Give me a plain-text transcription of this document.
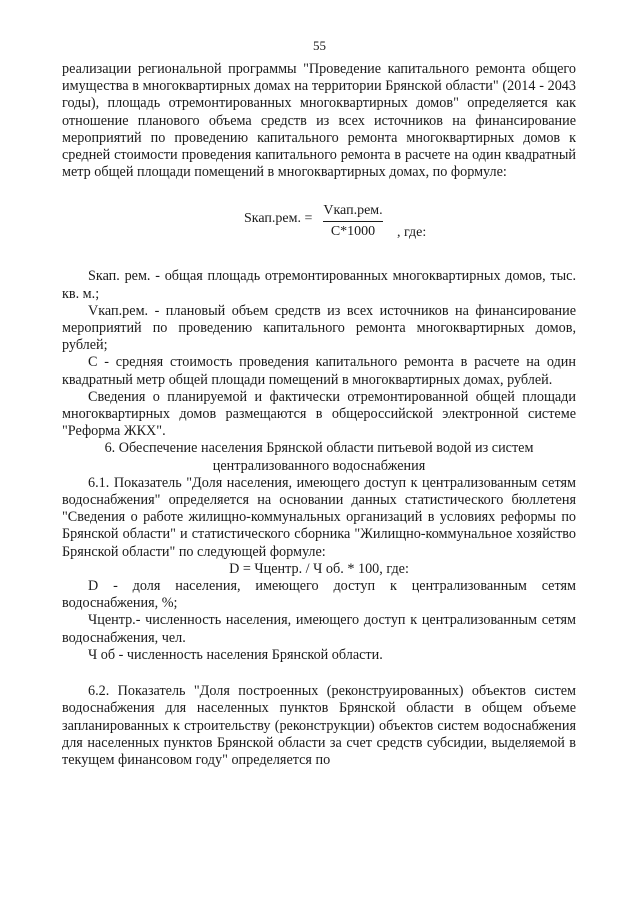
55

реализации региональной программы "Проведение капитального ремонта общего имущества в многоквартирных домах на территории Брянской области" (2014 - 2043 годы), площадь отремонтированных многоквартирных домов" определяется как отношение планового объема средств из всех источников на финансирование мероприятий по проведению капитального ремонта многоквартирных домов к средней стоимости проведения капитального ремонта в расчете на один квадратный метр общей площади помещений в многоквартирных домах, по формуле:

Sкап.рем. =
Vкап.рем.
С*1000	, где:

Sкап. рем. - общая площадь отремонтированных многоквартирных домов, тыс. кв. м.;

Vкап.рем. - плановый объем средств из всех источников на финансирование мероприятий по проведению капитального ремонта многоквартирных домов, рублей;

С - средняя стоимость проведения капитального ремонта в расчете на один квадратный метр общей площади помещений в многоквартирных домах, рублей.

Сведения о планируемой и фактически отремонтированной общей площади многоквартирных домов размещаются в общероссийской электронной системе "Реформа ЖКХ".

6. Обеспечение населения Брянской области питьевой водой из систем централизованного водоснабжения

6.1. Показатель "Доля населения, имеющего доступ к централизованным сетям водоснабжения" определяется на основании данных статистического бюллетеня "Сведения о работе жилищно-коммунальных организаций в условиях реформы по Брянской области" и статистического сборника "Жилищно-коммунальное хозяйство Брянской области" по следующей формуле:

D = Чцентр. / Ч об. * 100, где:

D - доля населения, имеющего доступ к централизованным сетям водоснабжения, %;

Чцентр.- численность населения, имеющего доступ к централизованным сетям водоснабжения, чел.

Ч об - численность населения Брянской области.

6.2. Показатель "Доля построенных (реконструированных) объектов систем водоснабжения для населенных пунктов Брянской области в общем объеме запланированных к строительству (реконструкции) объектов систем водоснабжения для населенных пунктов Брянской области за счет средств субсидии, выделяемой в текущем финансовом году" определяется по
